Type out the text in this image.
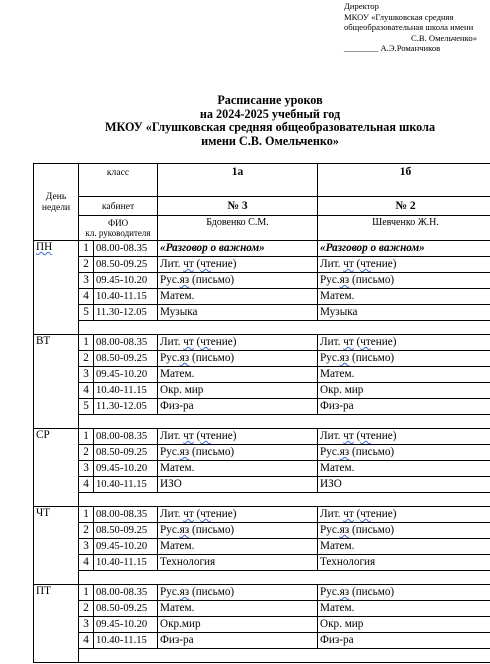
Директор
МКОУ «Глушковская средняя
общеобразовательная школа имени
С.В. Омельченко»
________ А.Э.Романчиков
Расписание уроков
на 2024-2025 учебный год
МКОУ «Глушковская средняя общеобразовательная школа
имени С.В. Омельченко»
День
недели	класс		1а	1б
	кабинет		№ 3	№ 2

	ФИО
кл. руководителя		Бдовенко С.М.	Шевченко Ж.Н.
ПН	1	08.00-08.35	«Разговор о важном»	«Разговор о важном»
	2	08.50-09.25	Лит. чт (чтение)	Лит. чт (чтение)
	3	09.45-10.20	Рус.яз (письмо)	Рус.яз (письмо)
	4	10.40-11.15	Матем.	Матем.
	5	11.30-12.05	Музыка	Музыка

ВТ	1	08.00-08.35	Лит. чт (чтение)	Лит. чт (чтение)
	2	08.50-09.25	Рус.яз (письмо)	Рус.яз (письмо)
	3	09.45-10.20	Матем.	Матем.
	4	10.40-11.15	Окр. мир	Окр. мир
	5	11.30-12.05	Физ-ра	Физ-ра

СР	1	08.00-08.35	Лит. чт (чтение)	Лит. чт (чтение)
	2	08.50-09.25	Рус.яз (письмо)	Рус.яз (письмо)
	3	09.45-10.20	Матем.	Матем.
	4	10.40-11.15	ИЗО	ИЗО

ЧТ	1	08.00-08.35	Лит. чт (чтение)	Лит. чт (чтение)
	2	08.50-09.25	Рус.яз (письмо)	Рус.яз (письмо)
	3	09.45-10.20	Матем.	Матем.
	4	10.40-11.15	Технология	Технология

ПТ	1	08.00-08.35	Рус.яз (письмо)	Рус.яз (письмо)
	2	08.50-09.25	Матем.	Матем.
	3	09.45-10.20	Окр.мир	Окр. мир
	4	10.40-11.15	Физ-ра	Физ-ра
